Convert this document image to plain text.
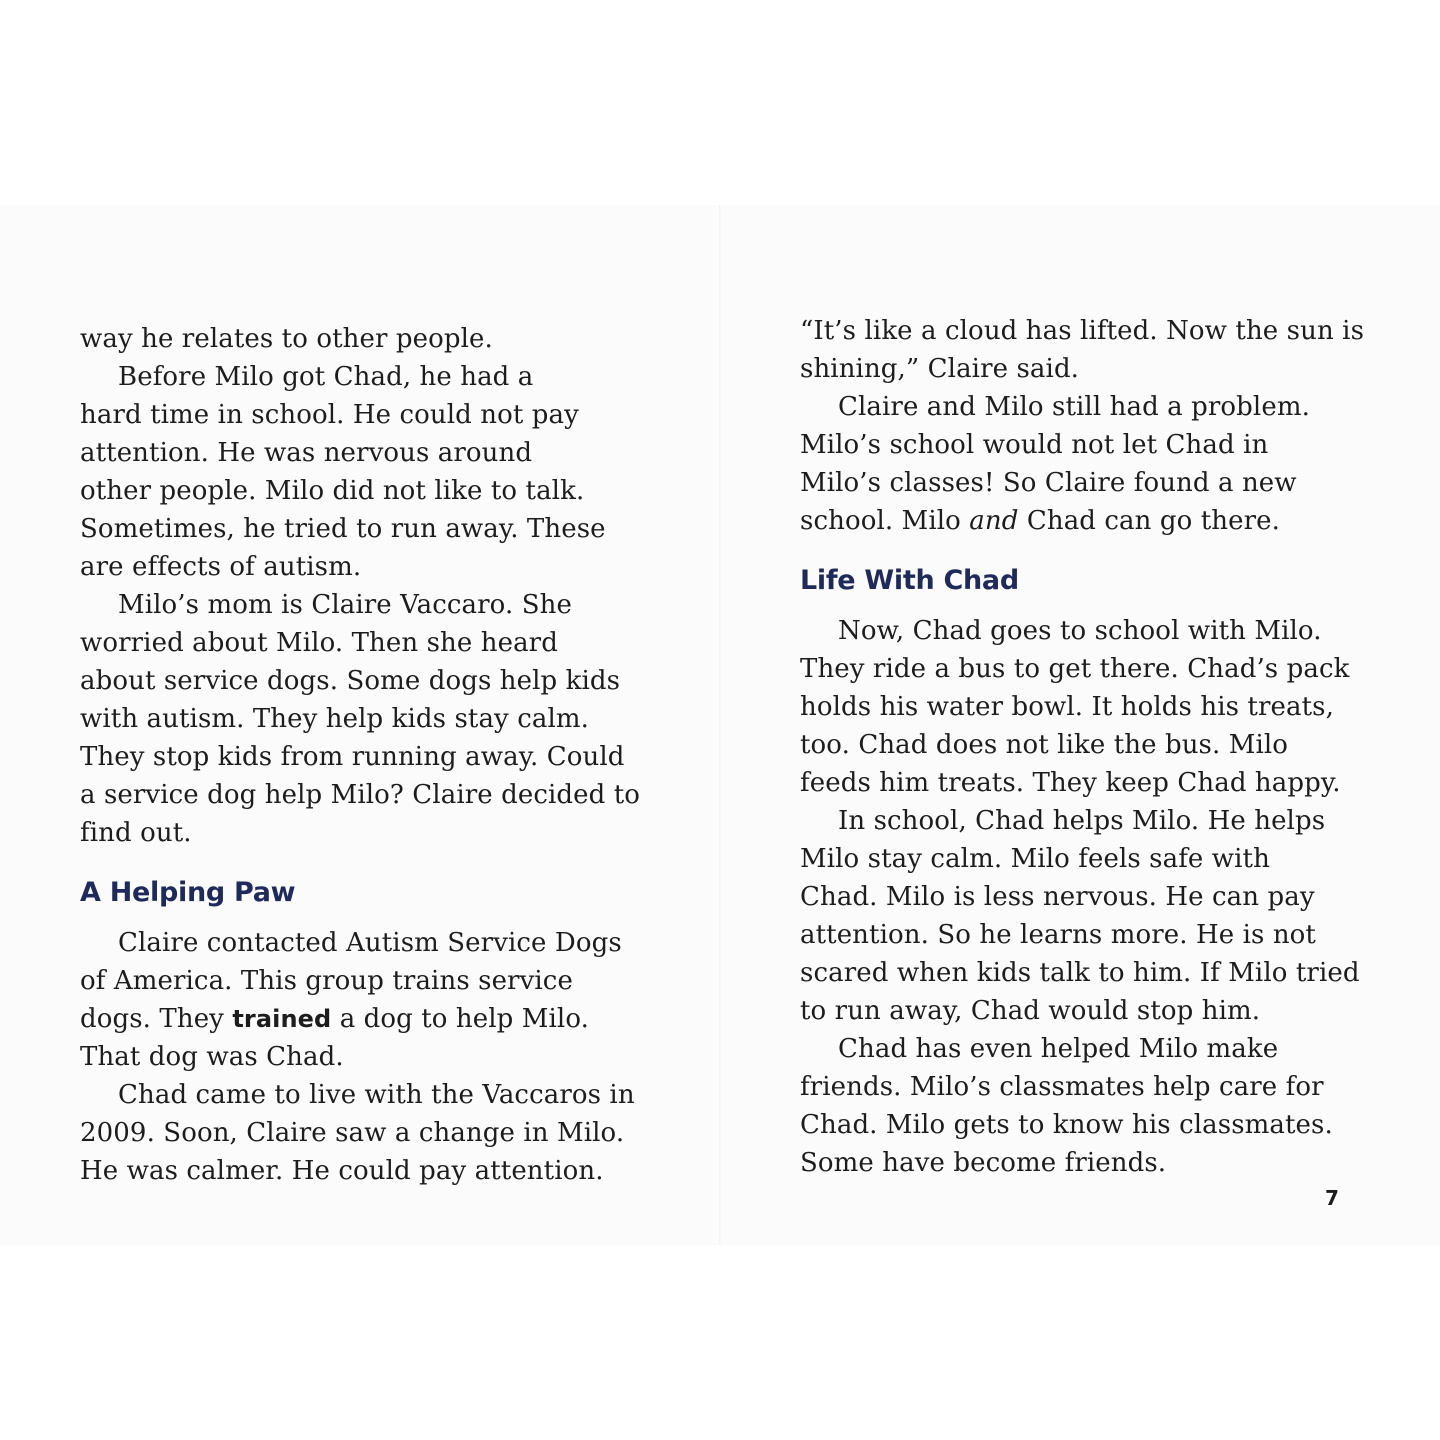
way he relates to other people.

Before Milo got Chad, he had a

hard time in school. He could not pay
attention. He was nervous around
other people. Milo did not like to talk.
Sometimes, he tried to run away. These
are effects of autism.

Milo’s mom is Claire Vaccaro. She

worried about Milo. Then she heard
about service dogs. Some dogs help kids
with autism. They help kids stay calm.
They stop kids from running away. Could
a service dog help Milo? Claire decided to
find out.

A Helping Paw

Claire contacted Autism Service Dogs

of America. This group trains service
dogs. They trained a dog to help Milo.
That dog was Chad.

Chad came to live with the Vaccaros in

2009. Soon, Claire saw a change in Milo.
He was calmer. He could pay attention.

“It’s like a cloud has lifted. Now the sun is
shining,” Claire said.

Claire and Milo still had a problem.

Milo’s school would not let Chad in
Milo’s classes! So Claire found a new
school. Milo and Chad can go there.

Life With Chad

Now, Chad goes to school with Milo.

They ride a bus to get there. Chad’s pack
holds his water bowl. It holds his treats,
too. Chad does not like the bus. Milo
feeds him treats. They keep Chad happy.

In school, Chad helps Milo. He helps

Milo stay calm. Milo feels safe with
Chad. Milo is less nervous. He can pay
attention. So he learns more. He is not
scared when kids talk to him. If Milo tried
to run away, Chad would stop him.

Chad has even helped Milo make

friends. Milo’s classmates help care for
Chad. Milo gets to know his classmates.
Some have become friends.

7
